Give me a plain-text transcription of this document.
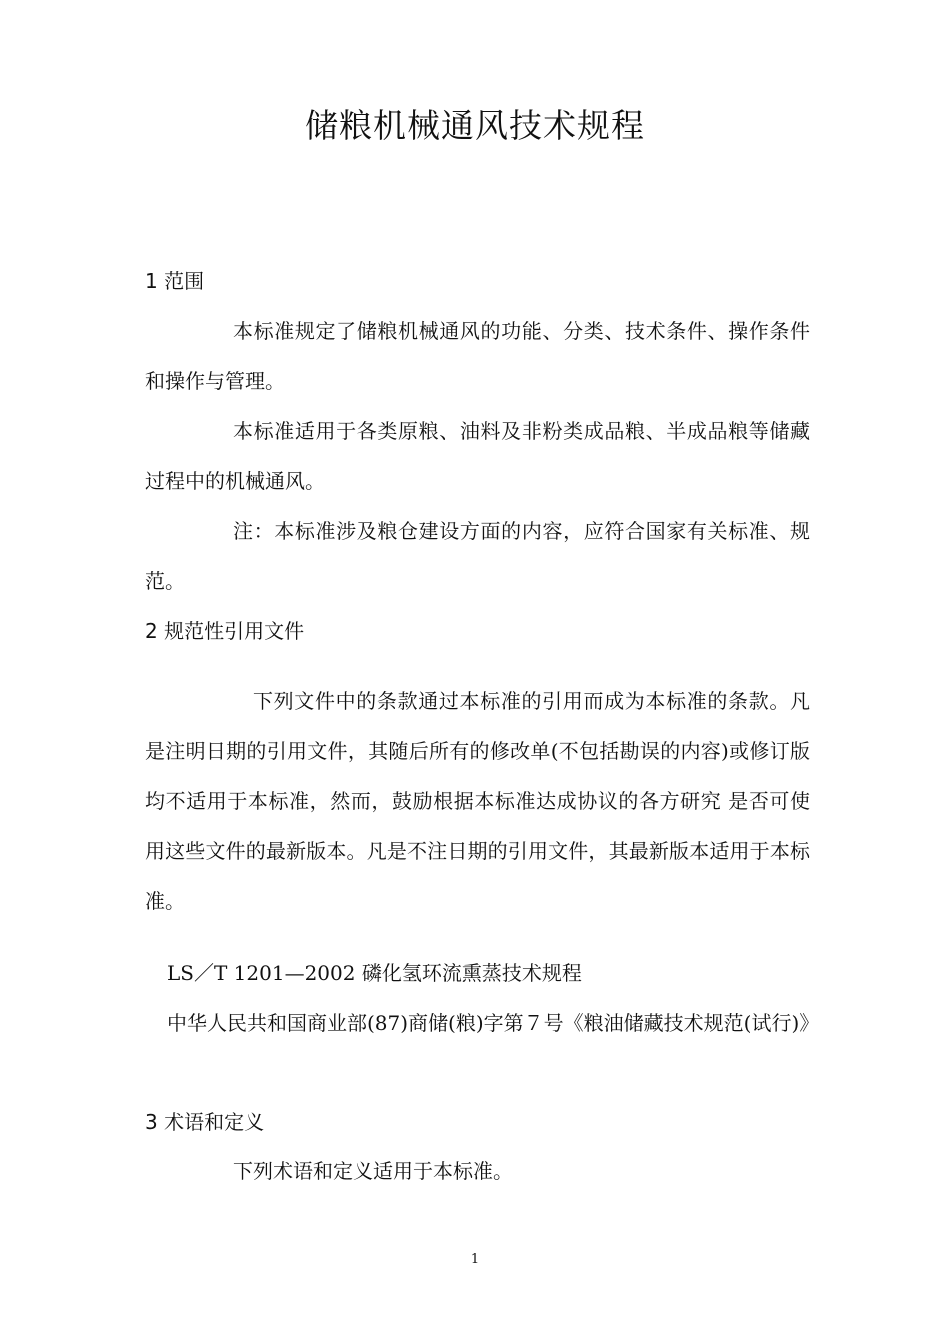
储粮机械通风技术规程
1 范围

本标准规定了储粮机械通风的功能、分类、技术条件、操作条件和操作与管理。

本标准适用于各类原粮、油料及非粉类成品粮、半成品粮等储藏过程中的机械通风。

注：本标准涉及粮仓建设方面的内容，应符合国家有关标准、规范。

2 规范性引用文件

下列文件中的条款通过本标准的引用而成为本标准的条款。凡是注明日期的引用文件，其随后所有的修改单(不包括勘误的内容)或修订版均不适用于本标准，然而，鼓励根据本标准达成协议的各方研究 是否可使用这些文件的最新版本。凡是不注日期的引用文件，其最新版本适用于本标准。

LS／T 1201—2002 磷化氢环流熏蒸技术规程

中华人民共和国商业部(87)商储(粮)字第７号《粮油储藏技术规范(试行)》

3 术语和定义

下列术语和定义适用于本标准。

1
